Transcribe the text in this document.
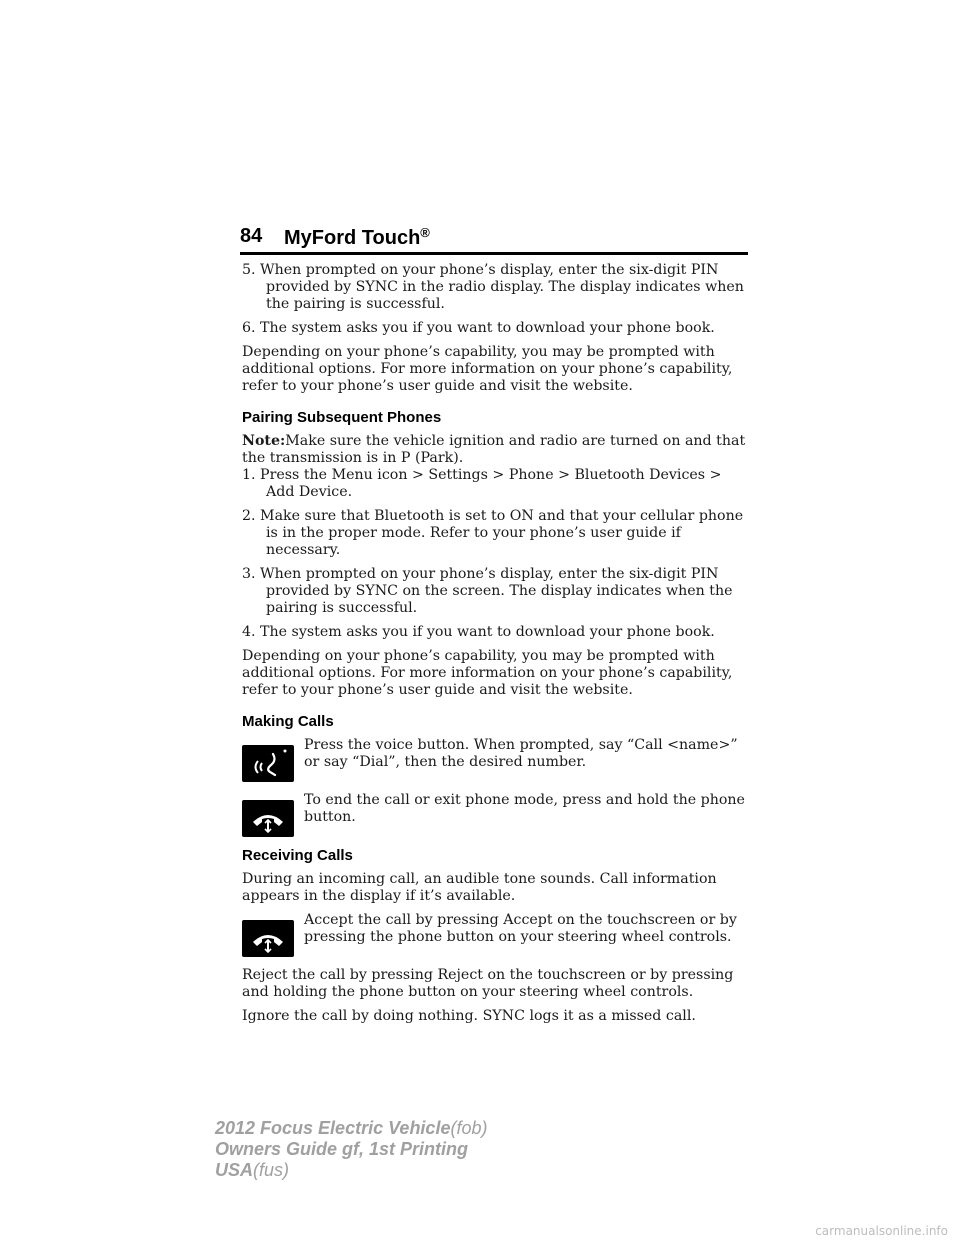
84 MyFord Touch®

5. When prompted on your phone’s display, enter the six-digit PIN provided by SYNC in the radio display. The display indicates when the pairing is successful.

6. The system asks you if you want to download your phone book.

Depending on your phone’s capability, you may be prompted with additional options. For more information on your phone’s capability, refer to your phone’s user guide and visit the website.

Pairing Subsequent Phones

Note:Make sure the vehicle ignition and radio are turned on and that the transmission is in P (Park).

1. Press the Menu icon > Settings > Phone > Bluetooth Devices > Add Device.

2. Make sure that Bluetooth is set to ON and that your cellular phone is in the proper mode. Refer to your phone’s user guide if necessary.

3. When prompted on your phone’s display, enter the six-digit PIN provided by SYNC on the screen. The display indicates when the pairing is successful.

4. The system asks you if you want to download your phone book.

Depending on your phone’s capability, you may be prompted with additional options. For more information on your phone’s capability, refer to your phone’s user guide and visit the website.

Making Calls

Press the voice button. When prompted, say “Call <name>” or say “Dial”, then the desired number.

To end the call or exit phone mode, press and hold the phone button.

Receiving Calls

During an incoming call, an audible tone sounds. Call information appears in the display if it’s available.

Accept the call by pressing Accept on the touchscreen or by pressing the phone button on your steering wheel controls.

Reject the call by pressing Reject on the touchscreen or by pressing and holding the phone button on your steering wheel controls.

Ignore the call by doing nothing. SYNC logs it as a missed call.

2012 Focus Electric Vehicle(fob)
Owners Guide gf, 1st Printing
USA(fus)
carmanualsonline.info
